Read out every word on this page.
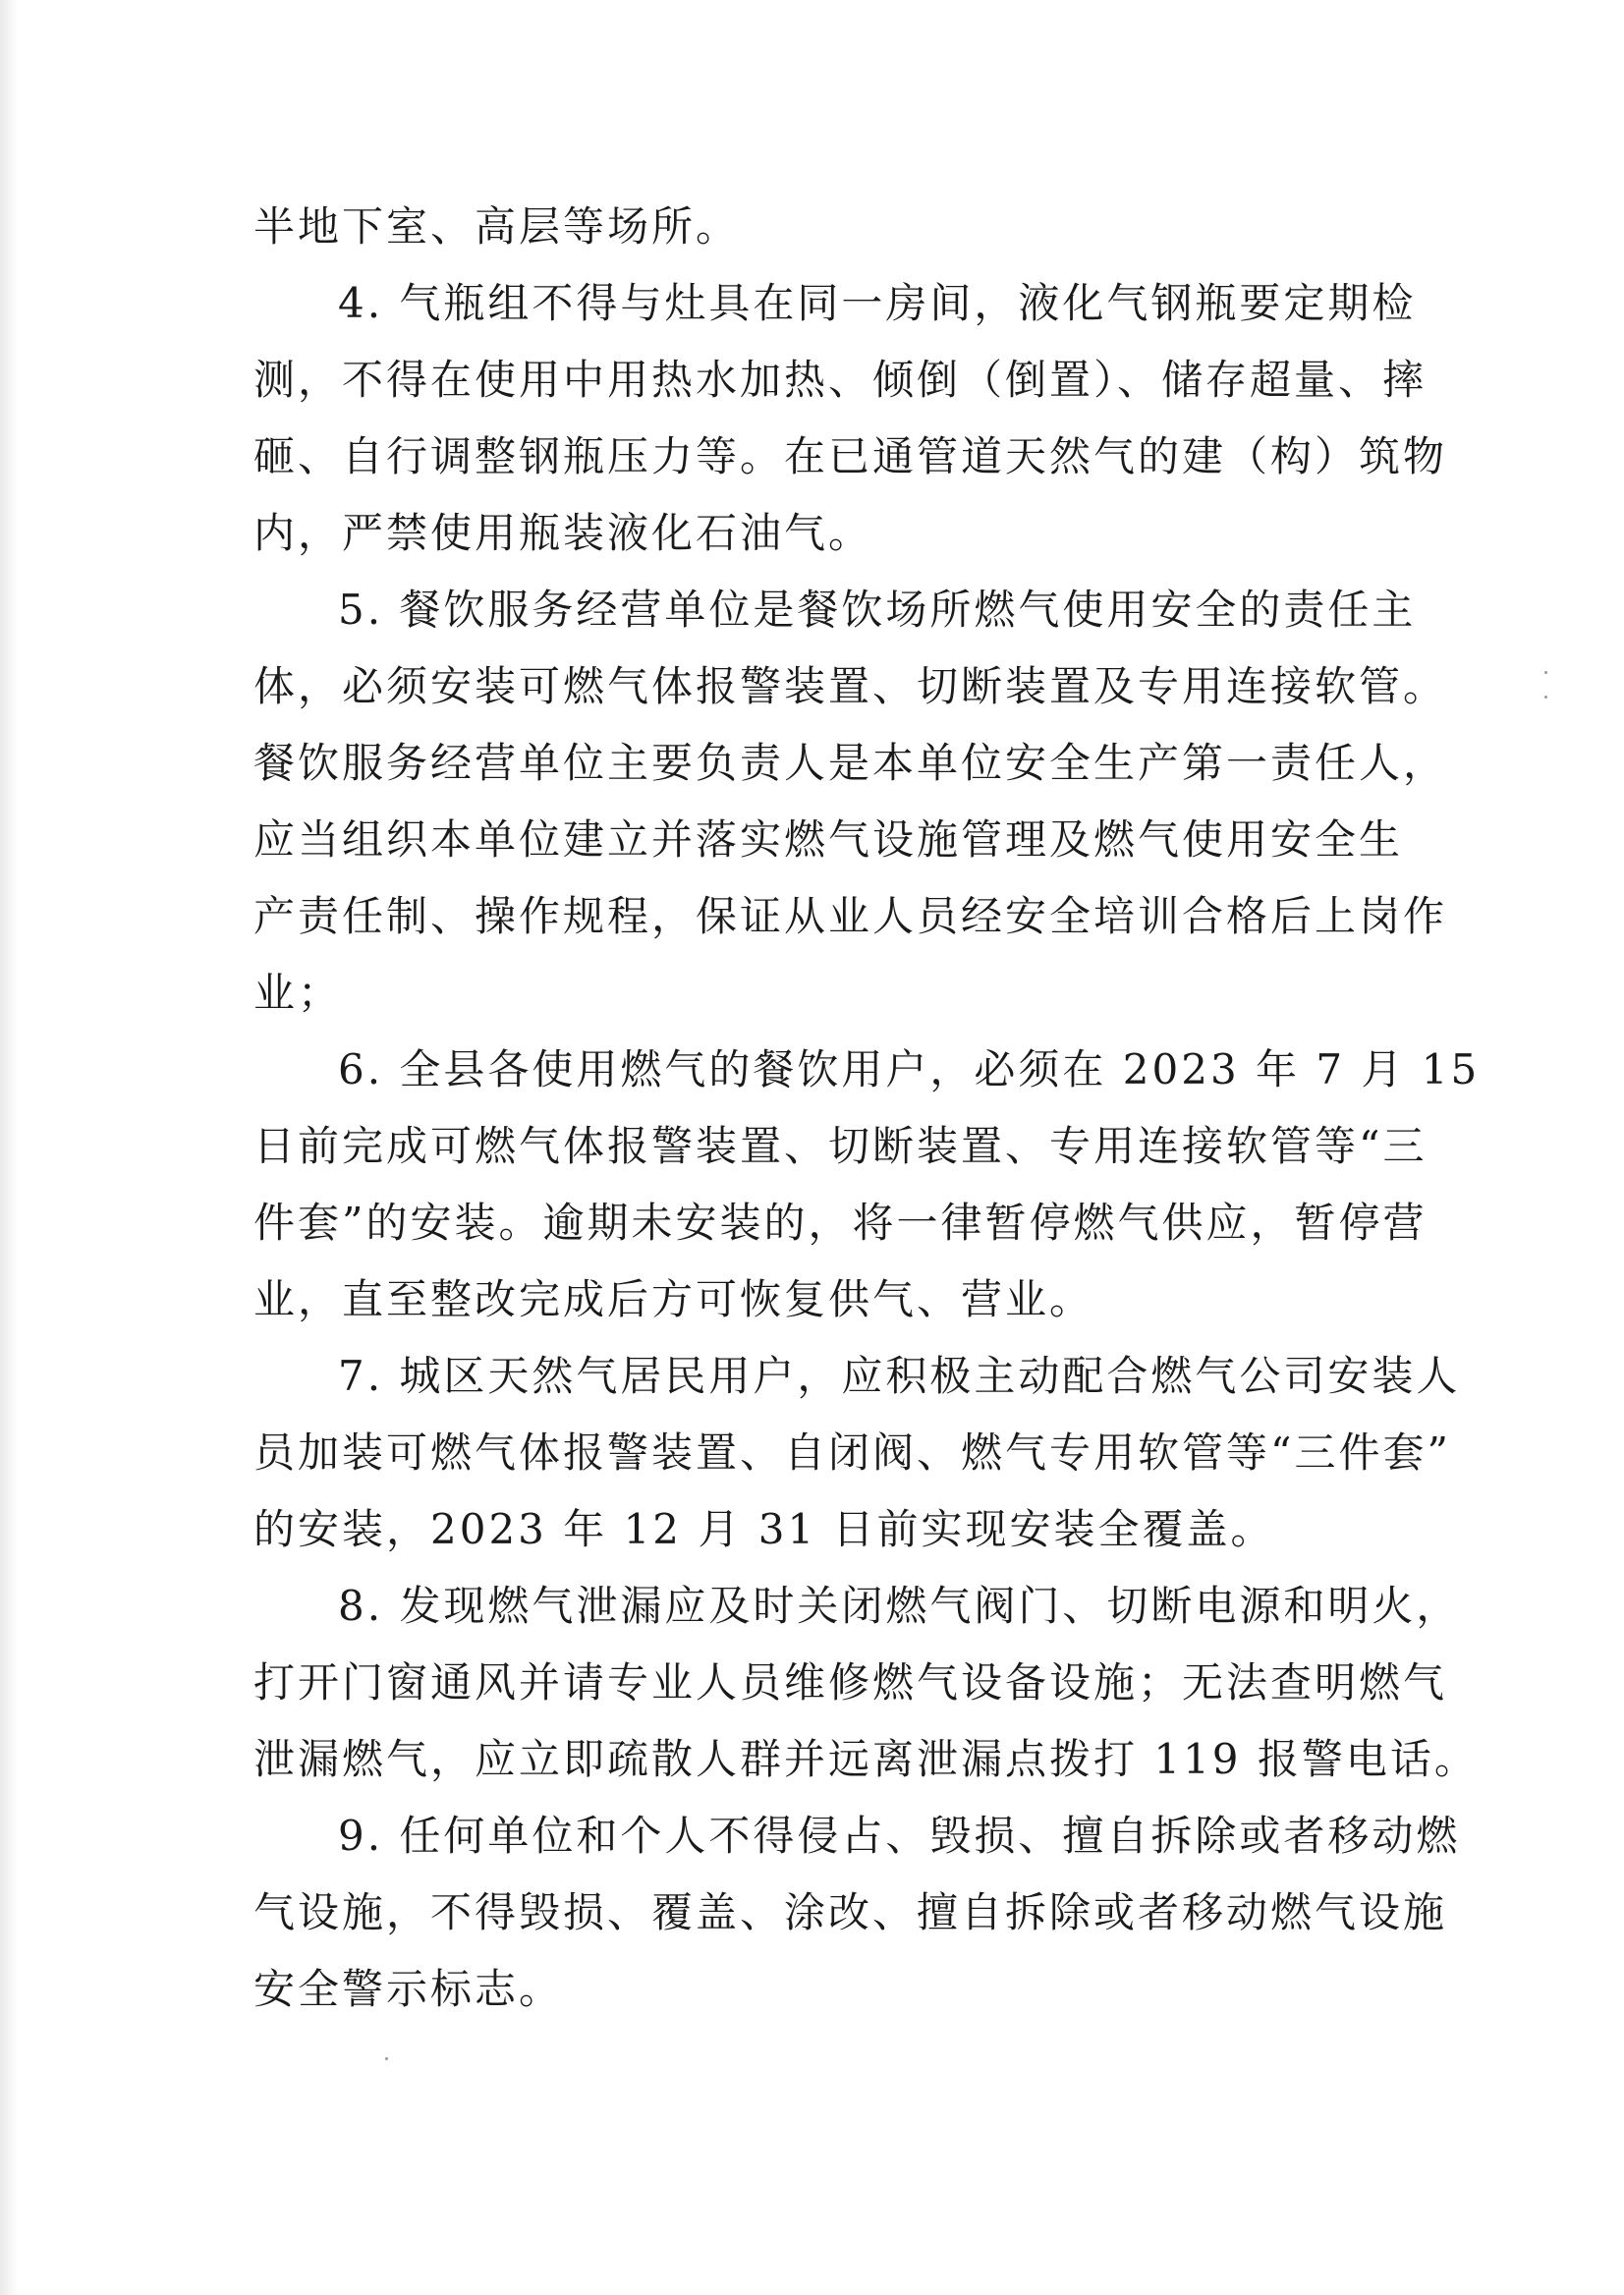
半地下室、高层等场所。
4. 气瓶组不得与灶具在同一房间，液化气钢瓶要定期检
测，不得在使用中用热水加热、倾倒（倒置）、储存超量、摔
砸、自行调整钢瓶压力等。在已通管道天然气的建（构）筑物
内，严禁使用瓶装液化石油气。
5. 餐饮服务经营单位是餐饮场所燃气使用安全的责任主
体，必须安装可燃气体报警装置、切断装置及专用连接软管。
餐饮服务经营单位主要负责人是本单位安全生产第一责任人，
应当组织本单位建立并落实燃气设施管理及燃气使用安全生
产责任制、操作规程，保证从业人员经安全培训合格后上岗作
业；
6. 全县各使用燃气的餐饮用户，必须在 2023 年 7 月 15
日前完成可燃气体报警装置、切断装置、专用连接软管等“三
件套”的安装。逾期未安装的，将一律暂停燃气供应，暂停营
业，直至整改完成后方可恢复供气、营业。
7. 城区天然气居民用户，应积极主动配合燃气公司安装人
员加装可燃气体报警装置、自闭阀、燃气专用软管等“三件套”
的安装，2023 年 12 月 31 日前实现安装全覆盖。
8. 发现燃气泄漏应及时关闭燃气阀门、切断电源和明火，
打开门窗通风并请专业人员维修燃气设备设施；无法查明燃气
泄漏燃气，应立即疏散人群并远离泄漏点拨打 119 报警电话。
9. 任何单位和个人不得侵占、毁损、擅自拆除或者移动燃
气设施，不得毁损、覆盖、涂改、擅自拆除或者移动燃气设施
安全警示标志。
